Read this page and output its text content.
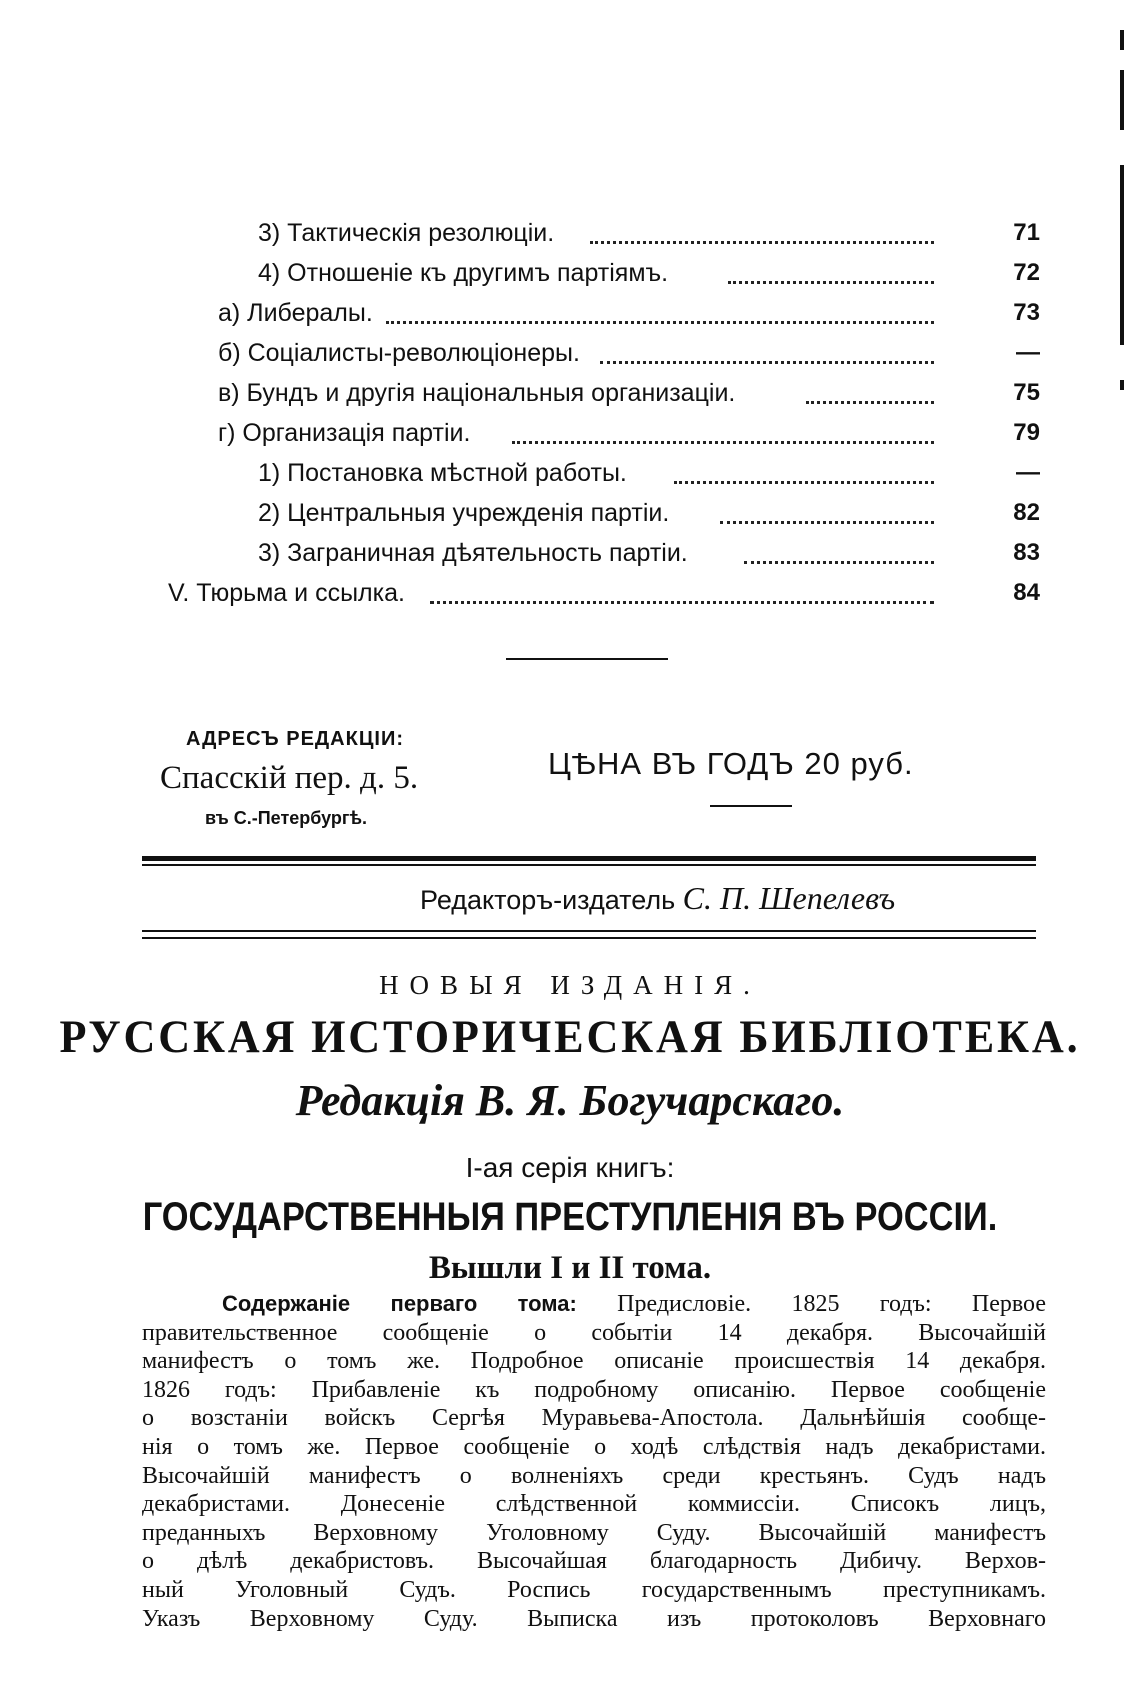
3) Тактическія резолюціи.	71
4) Отношеніе къ другимъ партіямъ.	72
а) Либералы.	73
б) Соціалисты-революціонеры.	—
в) Бундъ и другія національныя организаціи.	75
г) Организація партіи.	79
1) Постановка мѣстной работы.	—
2) Центральныя учрежденія партіи.	82
3) Заграничная дѣятельность партіи.	83
V. Тюрьма и ссылка.	84
АДРЕСЪ РЕДАКЦІИ:
Спасскій пер. д. 5.
въ С.-Петербургѣ.
ЦѢНА ВЪ ГОДЪ 20 руб.
Редакторъ-издатель С. П. Шепелевъ
НОВЫЯ ИЗДАНІЯ.
РУССКАЯ ИСТОРИЧЕСКАЯ БИБЛІОТЕКА.
Редакція В. Я. Богучарскаго.
І-ая серія книгъ:
ГОСУДАРСТВЕННЫЯ ПРЕСТУПЛЕНІЯ ВЪ РОССІИ.
Вышли I и II тома.
Содержаніе перваго тома: Предисловіе. 1825 годъ: Первое
правительственное сообщеніе о событіи 14 декабря. Высочайшій
манифестъ о томъ же. Подробное описаніе происшествія 14 декабря.
1826 годъ: Прибавленіе къ подробному описанію. Первое сообщеніе
о возстаніи войскъ Сергѣя Муравьева-Апостола. Дальнѣйшія сообще-
нія о томъ же. Первое сообщеніе о ходѣ слѣдствія надъ декабристами.
Высочайшій манифестъ о волненіяхъ среди крестьянъ. Судъ надъ
декабристами. Донесеніе слѣдственной коммиссіи. Списокъ лицъ,
преданныхъ Верховному Уголовному Суду. Высочайшій манифестъ
о дѣлѣ декабристовъ. Высочайшая благодарность Дибичу. Верхов-
ный Уголовный Судъ. Роспись государственнымъ преступникамъ.
Указъ Верховному Суду. Выписка изъ протоколовъ Верховнаго
